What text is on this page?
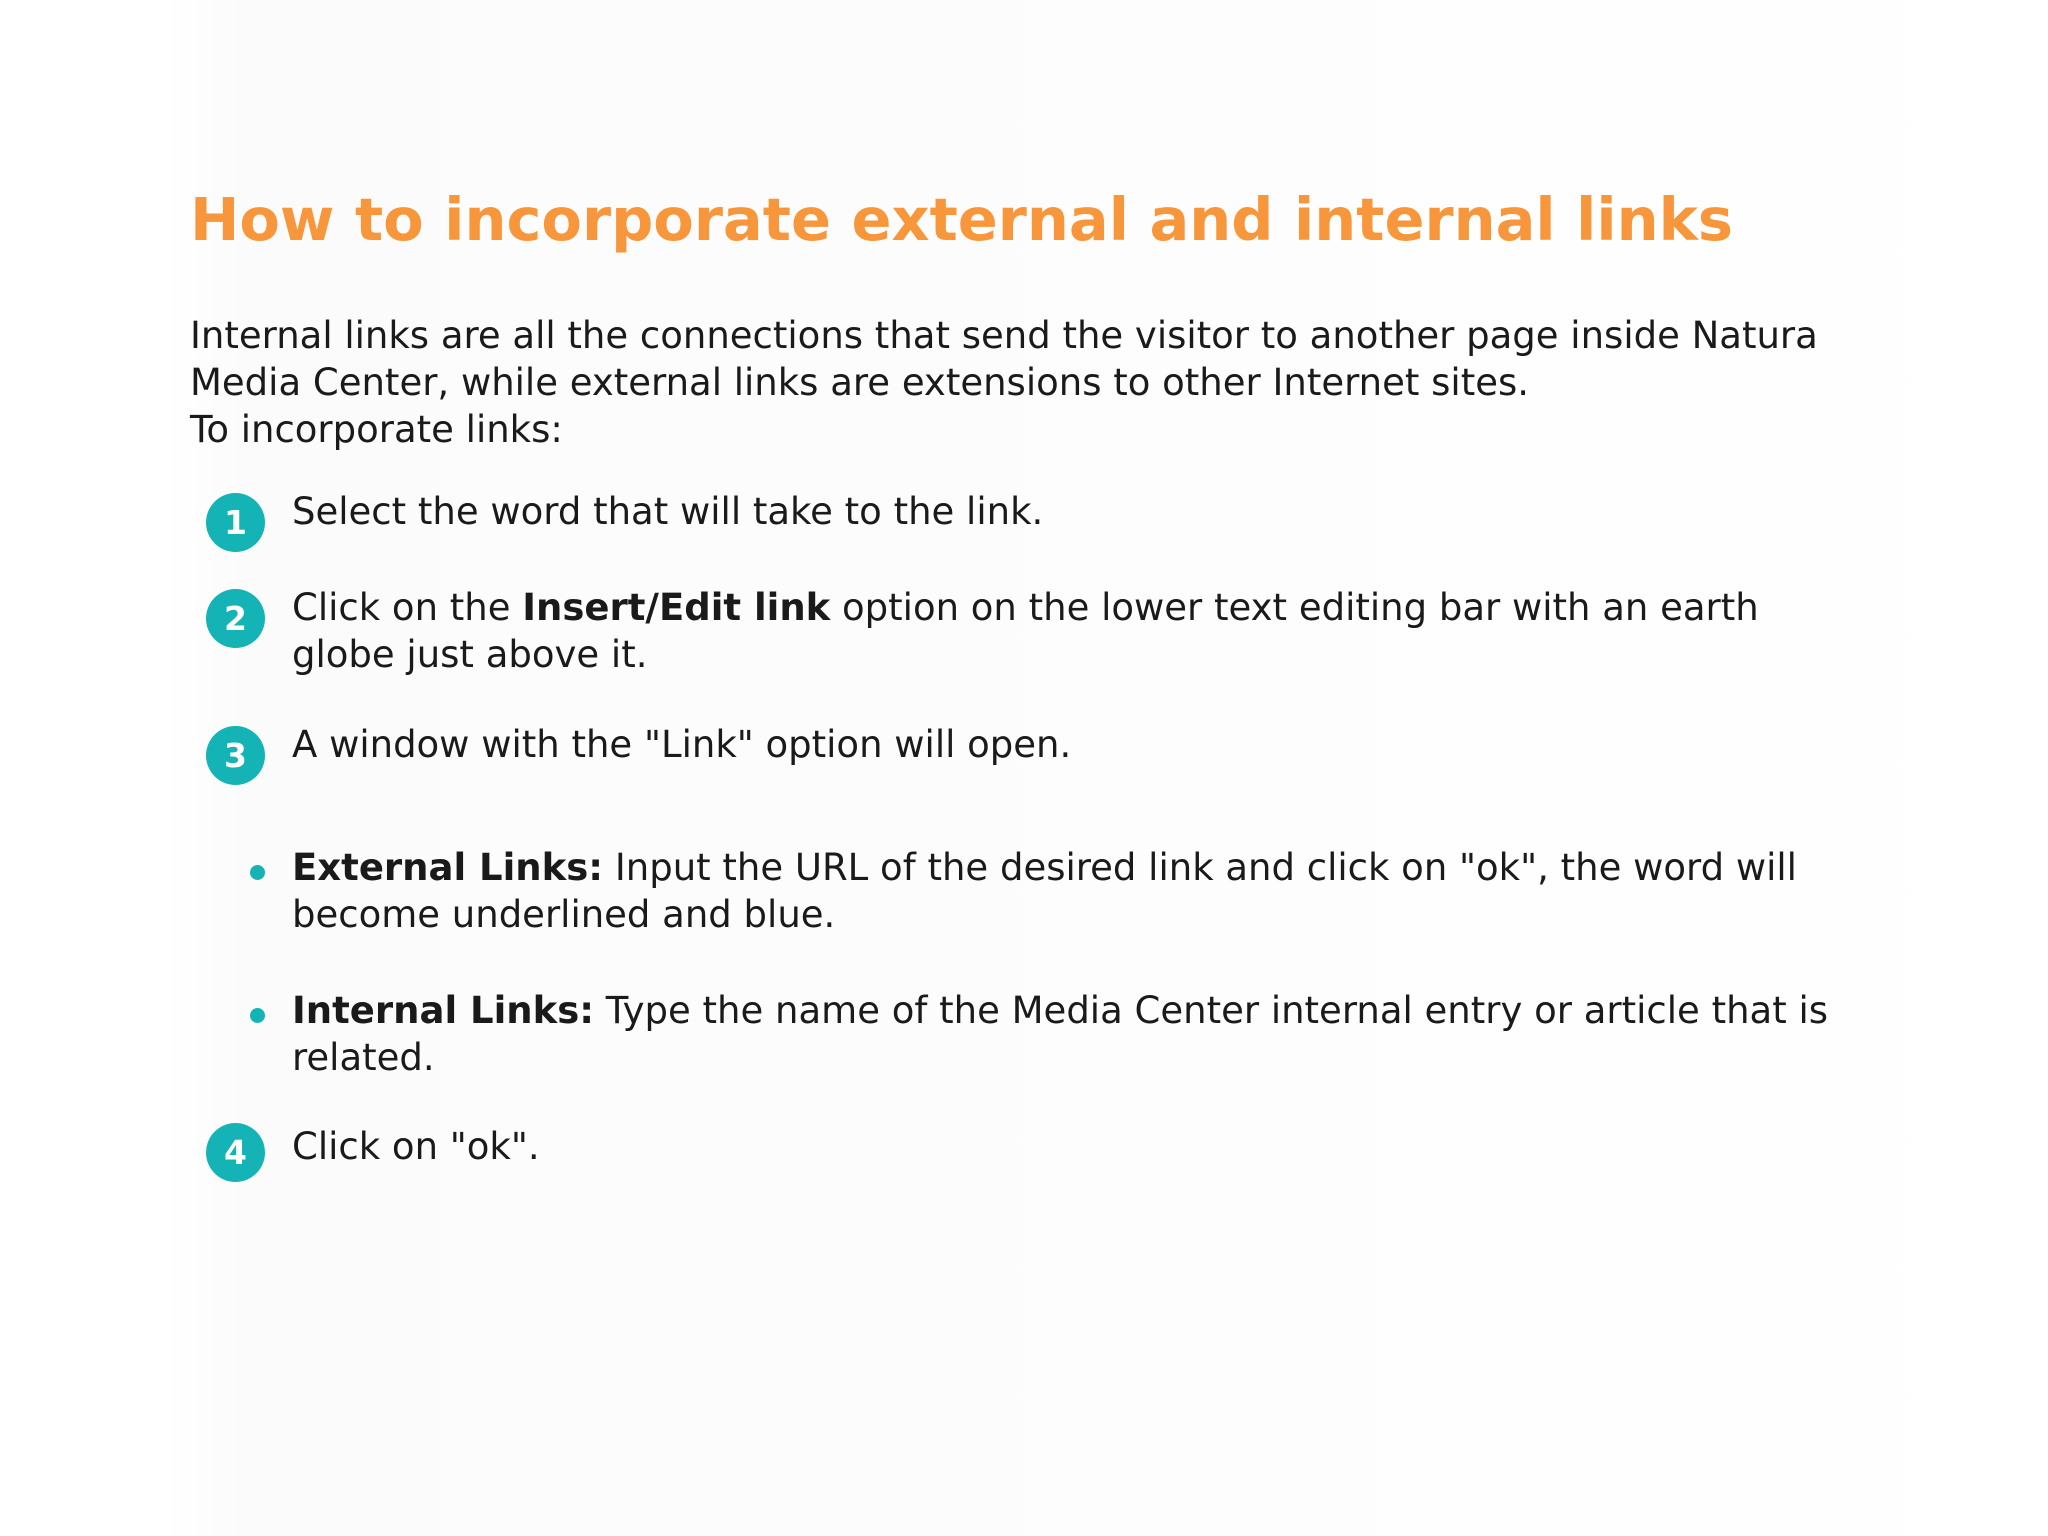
How to incorporate external and internal links

Internal links are all the connections that send the visitor to another page inside Natura Media Center, while external links are extensions to other Internet sites.

To incorporate links:

1	Select the word that will take to the link.
2	Click on the Insert/Edit link option on the lower text editing bar with an earth globe just above it.
3	A window with the "Link" option will open.
External Links: Input the URL of the desired link and click on "ok", the word will become underlined and blue.
Internal Links: Type the name of the Media Center internal entry or article that is related.
4	Click on "ok".
